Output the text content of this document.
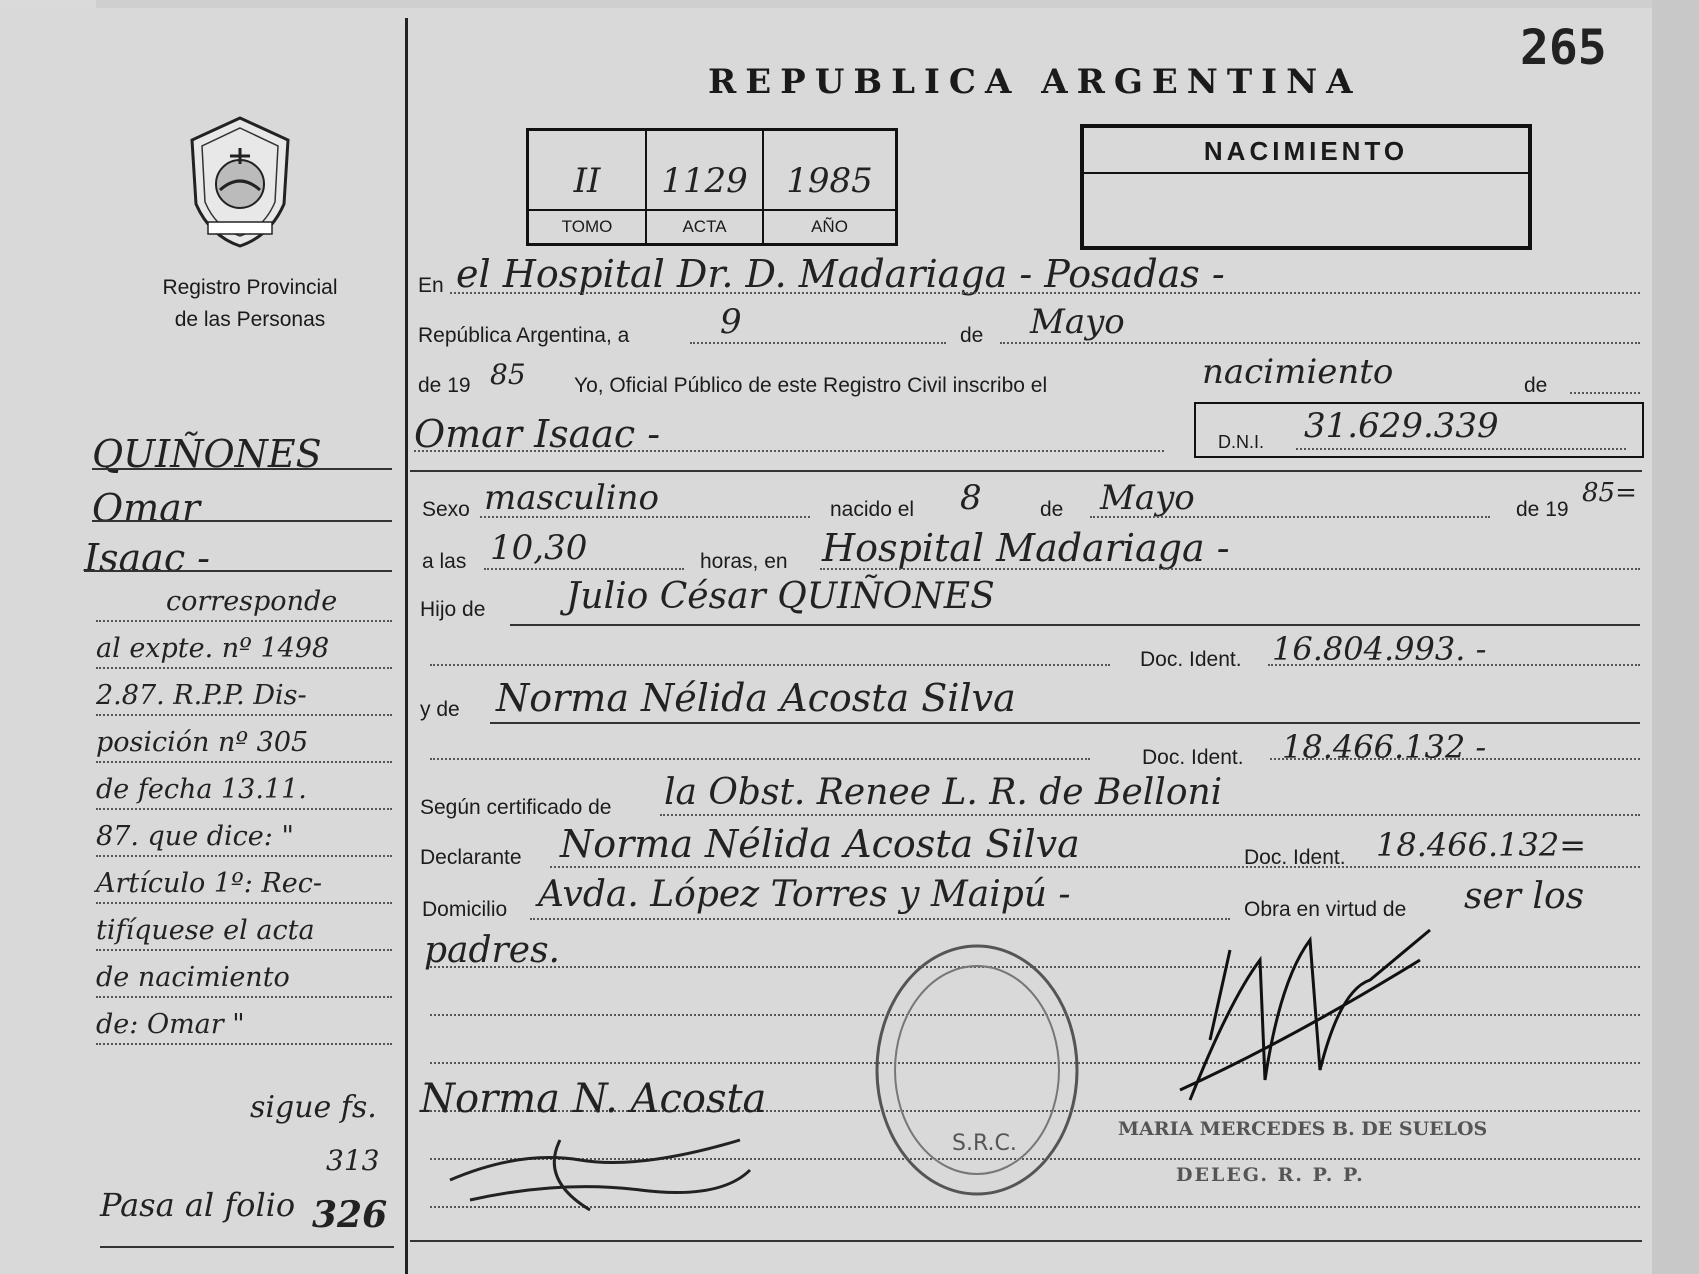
265
Registro Provincial
de las Personas
REPUBLICA ARGENTINA
II	1129	1985
TOMO	ACTA	AÑO
NACIMIENTO
En el Hospital Dr. D. Madariaga - Posadas -
República Argentina, a	9	de Mayo
de 19 85 Yo, Oficial Público de este Registro Civil inscribo el	nacimiento	de
Omar Isaac -	D.N.I. 31.629.339
Sexo masculino	nacido el 8	de Mayo	de 19
85=
a las 10,30	horas, en Hospital Madariaga -
Hijo de Julio César QUIÑONES
Doc. Ident. 16.804.993. -
y de Norma Nélida Acosta Silva
Doc. Ident. 18.466.132 -
Según certificado de la Obst. Renee L. R. de Belloni
Declarante Norma Nélida Acosta Silva	Doc. Ident. 18.466.132=
Domicilio Avda. López Torres y Maipú -	Obra en virtud de ser los
padres.
Norma N. Acosta
S.R.C.
MARIA MERCEDES B. DE SUELOS
DELEG. R. P. P.
QUIÑONES
Omar
Isaac -
corresponde
al expte. nº 1498
2.87. R.P.P. Dis-
posición nº 305
de fecha 13.11.
87. que dice: "
Artículo 1º: Rec-
tifíquese el acta
de nacimiento
de: Omar "
sigue fs.
313
Pasa al folio 326
